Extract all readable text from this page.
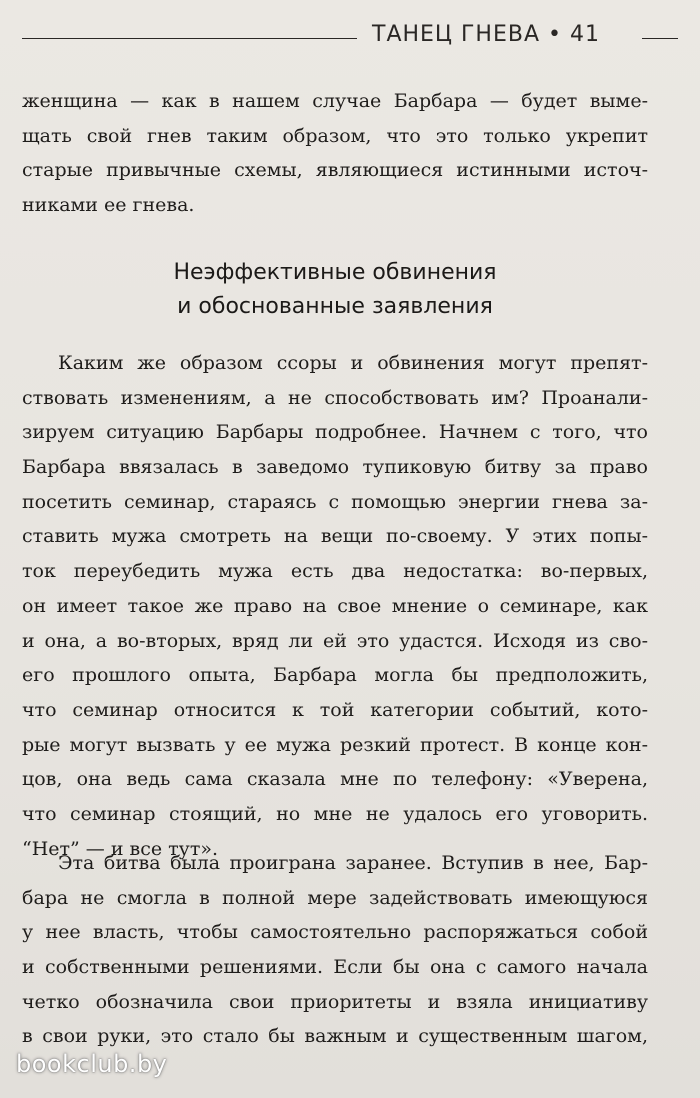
ТАНЕЦ ГНЕВА • 41
женщина — как в нашем случае Барбара — будет выме-
щать свой гнев таким образом, что это только укрепит
старые привычные схемы, являющиеся истинными источ-
никами ее гнева.
Неэффективные обвинения
и обоснованные заявления
Каким же образом ссоры и обвинения могут препят-
ствовать изменениям, а не способствовать им? Проанали-
зируем ситуацию Барбары подробнее. Начнем с того, что
Барбара ввязалась в заведомо тупиковую битву за право
посетить семинар, стараясь с помощью энергии гнева за-
ставить мужа смотреть на вещи по-своему. У этих попы-
ток переубедить мужа есть два недостатка: во-первых,
он имеет такое же право на свое мнение о семинаре, как
и она, а во-вторых, вряд ли ей это удастся. Исходя из сво-
его прошлого опыта, Барбара могла бы предположить,
что семинар относится к той категории событий, кото-
рые могут вызвать у ее мужа резкий протест. В конце кон-
цов, она ведь сама сказала мне по телефону: «Уверена,
что семинар стоящий, но мне не удалось его уговорить.
“Нет” — и все тут».
Эта битва была проиграна заранее. Вступив в нее, Бар-
бара не смогла в полной мере задействовать имеющуюся
у нее власть, чтобы самостоятельно распоряжаться собой
и собственными решениями. Если бы она с самого начала
четко обозначила свои приоритеты и взяла инициативу
в свои руки, это стало бы важным и существенным шагом,
bookclub.by
